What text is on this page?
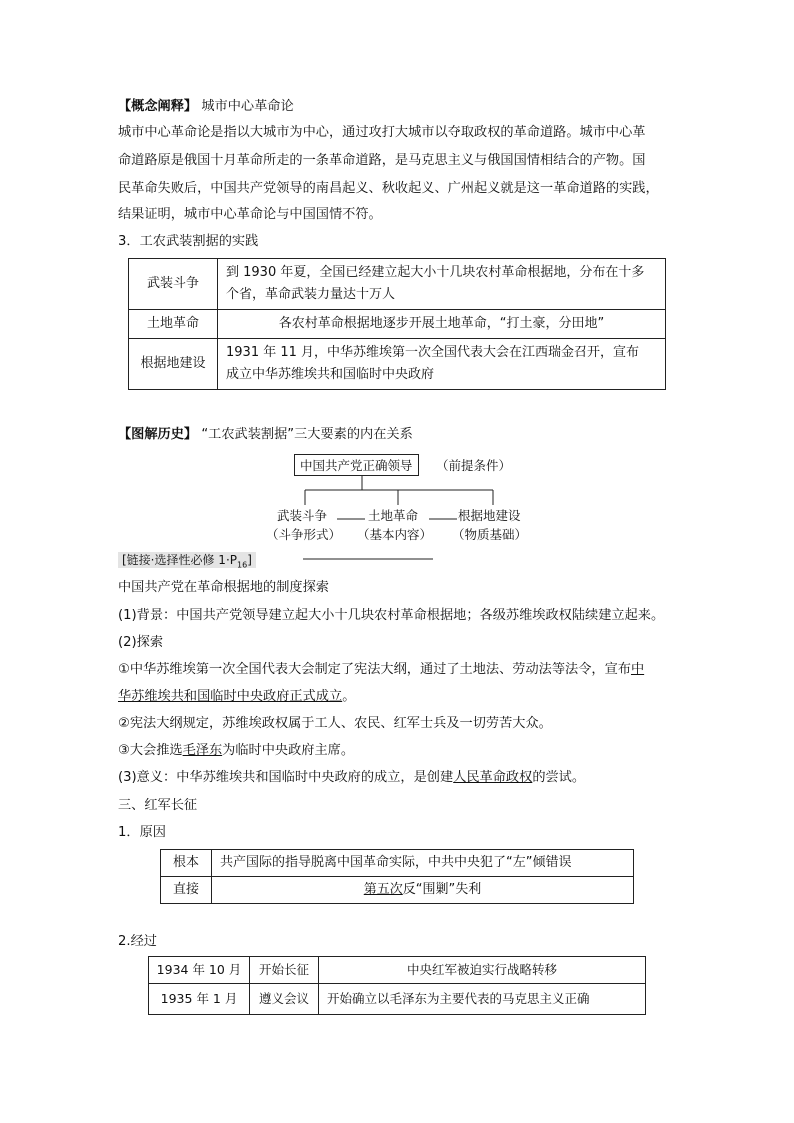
【概念阐释】 城市中心革命论
城市中心革命论是指以大城市为中心，通过攻打大城市以夺取政权的革命道路。城市中心革
命道路原是俄国十月革命所走的一条革命道路，是马克思主义与俄国国情相结合的产物。国
民革命失败后，中国共产党领导的南昌起义、秋收起义、广州起义就是这一革命道路的实践，
结果证明，城市中心革命论与中国国情不符。
3．工农武装割据的实践
武装斗争	到 1930 年夏，全国已经建立起大小十几块农村革命根据地，分布在十多
个省，革命武装力量达十万人

土地革命	各农村革命根据地逐步开展土地革命，“打土豪，分田地”
根据地建设	1931 年 11 月，中华苏维埃第一次全国代表大会在江西瑞金召开，宣布
成立中华苏维埃共和国临时中央政府
【图解历史】 “工农武装割据”三大要素的内在关系
中国共产党正确领导	（前提条件）
武装斗争	土地革命	根据地建设
（斗争形式） （基本内容） （物质基础）
[链接·选择性必修 $1\cdot P_{16}$]
中国共产党在革命根据地的制度探索
(1)背景：中国共产党领导建立起大小十几块农村革命根据地；各级苏维埃政权陆续建立起来。
(2)探索
①中华苏维埃第一次全国代表大会制定了宪法大纲，通过了土地法、劳动法等法令，宣布中
华苏维埃共和国临时中央政府正式成立。
②宪法大纲规定，苏维埃政权属于工人、农民、红军士兵及一切劳苦大众。
③大会推选毛泽东为临时中央政府主席。
(3)意义：中华苏维埃共和国临时中央政府的成立，是创建人民革命政权的尝试。
三、红军长征
1．原因
根本	共产国际的指导脱离中国革命实际，中共中央犯了“左”倾错误
直接	第五次反“围剿”失利
2.经过
1934 年 10 月	开始长征	中央红军被迫实行战略转移
1935 年 1 月	遵义会议	开始确立以毛泽东为主要代表的马克思主义正确
